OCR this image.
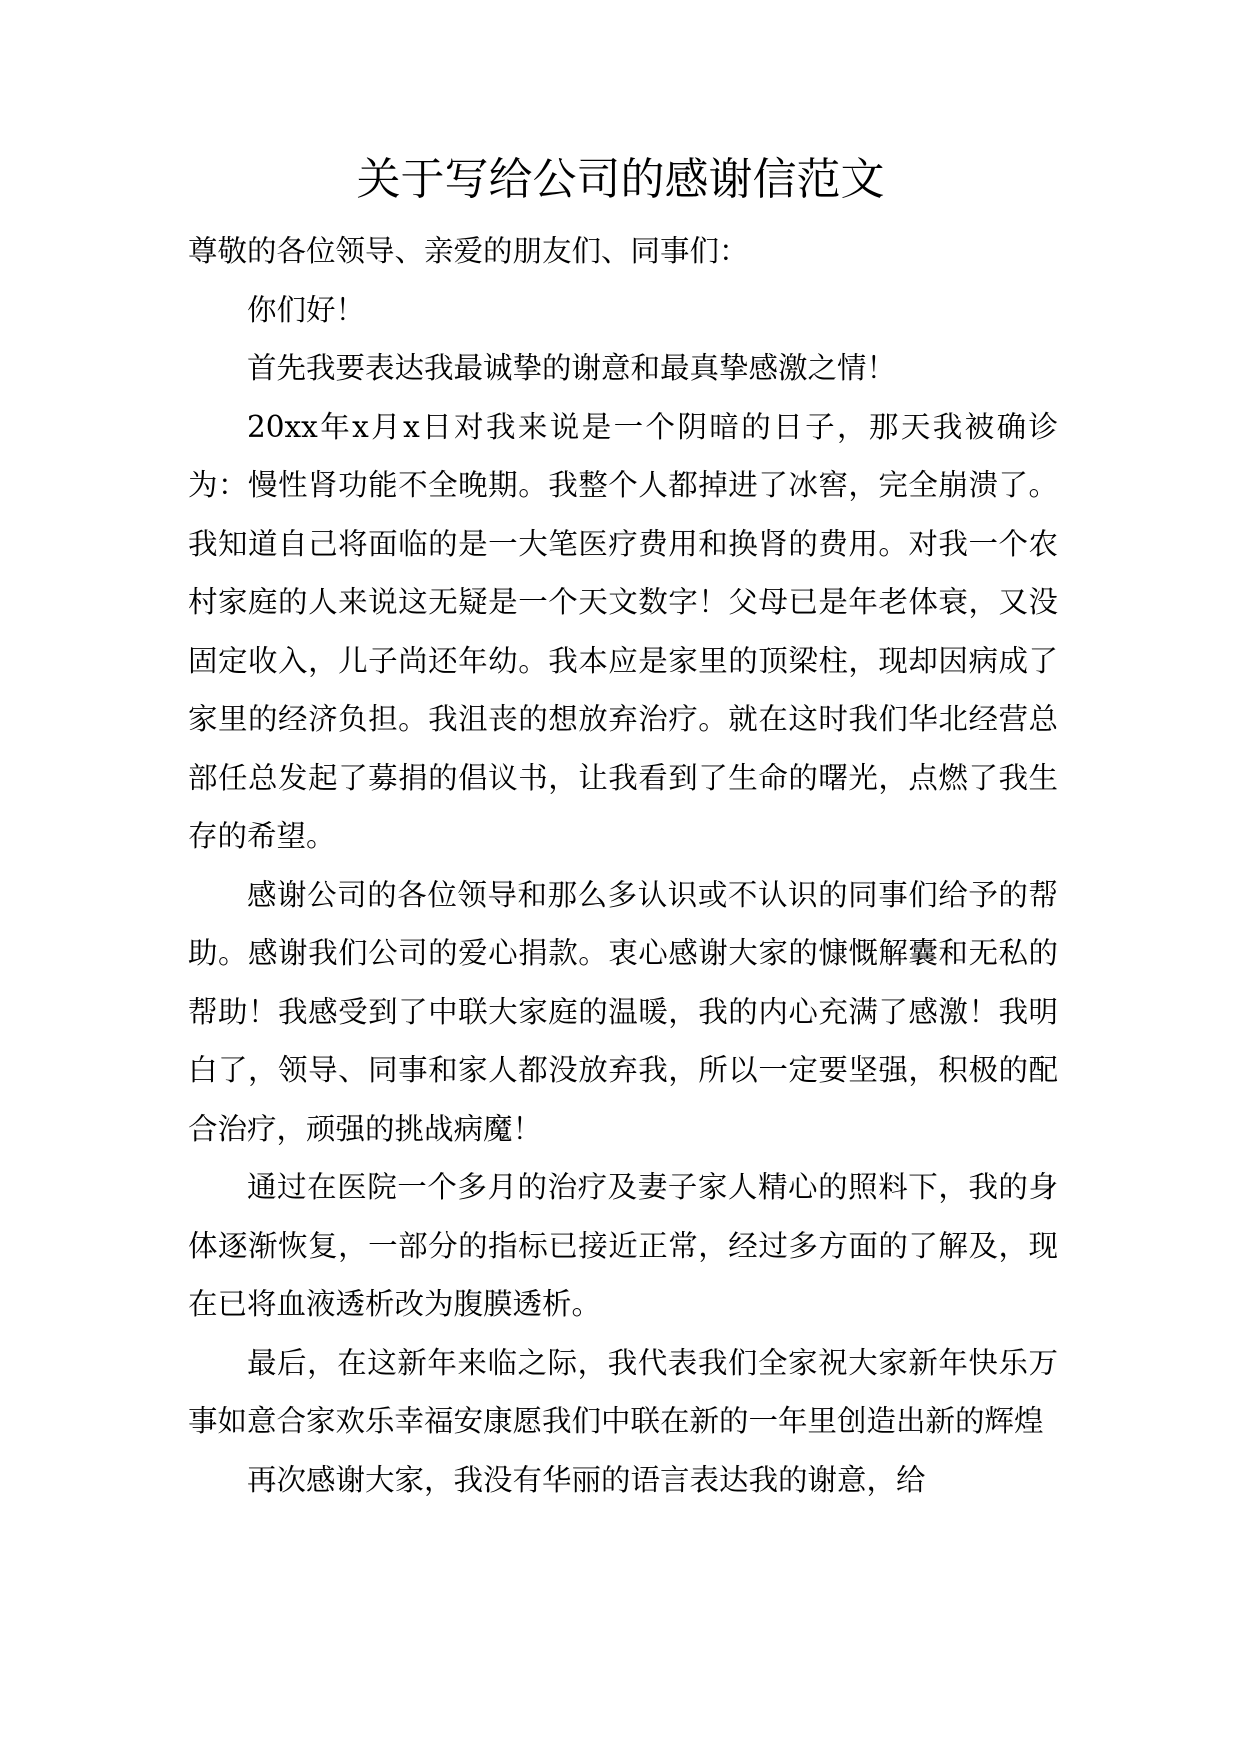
关于写给公司的感谢信范文

尊敬的各位领导、亲爱的朋友们、同事们：

你们好！

首先我要表达我最诚挚的谢意和最真挚感激之情！

20xx年x月x日对我来说是一个阴暗的日子，那天我被确诊为：慢性肾功能不全晚期。我整个人都掉进了冰窖，完全崩溃了。我知道自己将面临的是一大笔医疗费用和换肾的费用。对我一个农村家庭的人来说这无疑是一个天文数字！父母已是年老体衰，又没固定收入，儿子尚还年幼。我本应是家里的顶梁柱，现却因病成了家里的经济负担。我沮丧的想放弃治疗。就在这时我们华北经营总部任总发起了募捐的倡议书，让我看到了生命的曙光，点燃了我生存的希望。

感谢公司的各位领导和那么多认识或不认识的同事们给予的帮助。感谢我们公司的爱心捐款。衷心感谢大家的慷慨解囊和无私的帮助！我感受到了中联大家庭的温暖，我的内心充满了感激！我明白了，领导、同事和家人都没放弃我，所以一定要坚强，积极的配合治疗，顽强的挑战病魔！

通过在医院一个多月的治疗及妻子家人精心的照料下，我的身体逐渐恢复，一部分的指标已接近正常，经过多方面的了解及，现在已将血液透析改为腹膜透析。

最后，在这新年来临之际，我代表我们全家祝大家新年快乐万事如意合家欢乐幸福安康愿我们中联在新的一年里创造出新的辉煌

再次感谢大家，我没有华丽的语言表达我的谢意，给
